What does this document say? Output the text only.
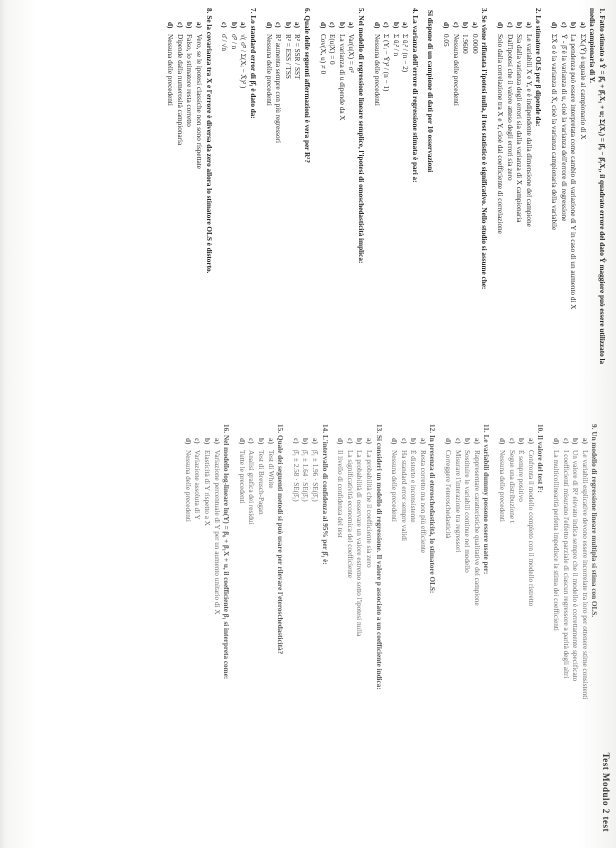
1.Fatto stimato a Ŷ = β̂₀ + β̂₁X₁ + u; Σ(X₁) = β̂₀ − β̂₁X₁, il quadrato errore del dato Ŷ maggiore può essere utilizzato la media campionaria di Y.
a)ΣXᵢ(Ŷ) è uguale al campionario di X
b)La pendenza può essere interpretata come cambio di variazione di Y in caso di un aumento di X
c)Ŷ - β̂ è la varianza di u, cioè la varianza dell'errore di regressione
d)ΣX̂ σ è la varianza di X̂, cioè la varianza campionaria della variabile
2.Lo stimatore OLS per β dipende da:
a)Le variabili X e Y, e è indipendente dalla dimensione del campione
b)Sia dalla varianza degli errori sia dalla varianza di X campionaria
c)Dall'ipotesi che il valore atteso degli errori sia zero
d)Solo dalla correlazione tra X e Y, cioè dal coefficiente di correlazione
3.Se viene rifiutata l'ipotesi nulla, il test statistico è significativo. Nello studio si assume che:
a)0.0000
b)1.9600
c)Nessuna delle precedenti
d)0.05
Si dispone di un campione di dati per 10 osservazioni
4.La varianza dell'errore di regressione stimata è pari a:
a)Σ ûᵢ² / (n − 2)
b)Σ ûᵢ² / n
c)Σ (Yᵢ − Ȳ)² / (n − 1)
d)Nessuna delle precedenti
5.Nel modello di regressione lineare semplice, l'ipotesi di omoschedasticità implica:
a)Var(u|X) = σ²
b)La varianza di u dipende da X
c)E(u|X) = 0
d)Cov(X, u) ≠ 0
6.Quale delle seguenti affermazioni è vera per R²?
a)R² = SSR / SST
b)R² = ESS / TSS
c)R² aumenta sempre con più regressori
d)Nessuna delle precedenti
7.Lo standard error di β̂₁ è dato da:
a)√( σ̂² / Σ(Xᵢ − X̄)² )
b)σ̂² / n
c)σ̂ / √n
8.Se la covarianza tra X e l'errore è diversa da zero allora lo stimatore OLS è distorto.
a)Vero, se le ipotesi classiche non sono rispettate
b)Falso, lo stimatore resta corretto
c)Dipende dalla numerosità campionaria
d)Nessuna delle precedenti
Test Modulo 2 test
9.Un modello di regressione lineare multipla si stima con OLS.
a)Le variabili esplicative devono essere incorrelate tra loro per ottenere stime consistenti
b)Un valore di R² elevato indica sempre che il modello è correttamente specificato
c)I coefficienti misurano l'effetto parziale di ciascun regressore a parità degli altri
d)La multicollinearità perfetta impedisce la stima dei coefficienti
10.Il valore del test F:
a)Confronta il modello completo con il modello ristretto
b)È sempre positivo
c)Segue una distribuzione t
d)Nessuna delle precedenti
11.Le variabili dummy possono essere usate per:
a)Rappresentare caratteristiche qualitative del campione
b)Sostituire le variabili continue nel modello
c)Misurare l'interazione tra regressori
d)Correggere l'eteroschedasticità
12.In presenza di eteroschedasticità, lo stimatore OLS:
a)Resta corretto ma non più efficiente
b)È distorto e inconsistente
c)Ha standard error sempre validi
d)Nessuna delle precedenti
13.Si consideri un modello di regressione. Il valore p associato a un coefficiente indica:
a)La probabilità che il coefficiente sia zero
b)La probabilità di osservare un valore estremo sotto l'ipotesi nulla
c)La significatività economica del coefficiente
d)Il livello di confidenza del test
14.L'intervallo di confidenza al 95% per β̂₁ è:
a)β̂₁ ± 1.96 · SE(β̂₁)
b)β̂₁ ± 1.64 · SE(β̂₁)
c)β̂₁ ± 2.58 · SE(β̂₁)
15.Quale dei seguenti metodi si può usare per rilevare l'eteroschedasticità?
a)Test di White
b)Test di Breusch-Pagan
c)Analisi grafica dei residui
d)Tutte le precedenti
16.Nel modello log-lineare ln(Y) = β₀ + β₁X + u, il coefficiente β₁ si interpreta come:
a)Variazione percentuale di Y per un aumento unitario di X
b)Elasticità di Y rispetto a X
c)Variazione assoluta di Y
d)Nessuna delle precedenti
